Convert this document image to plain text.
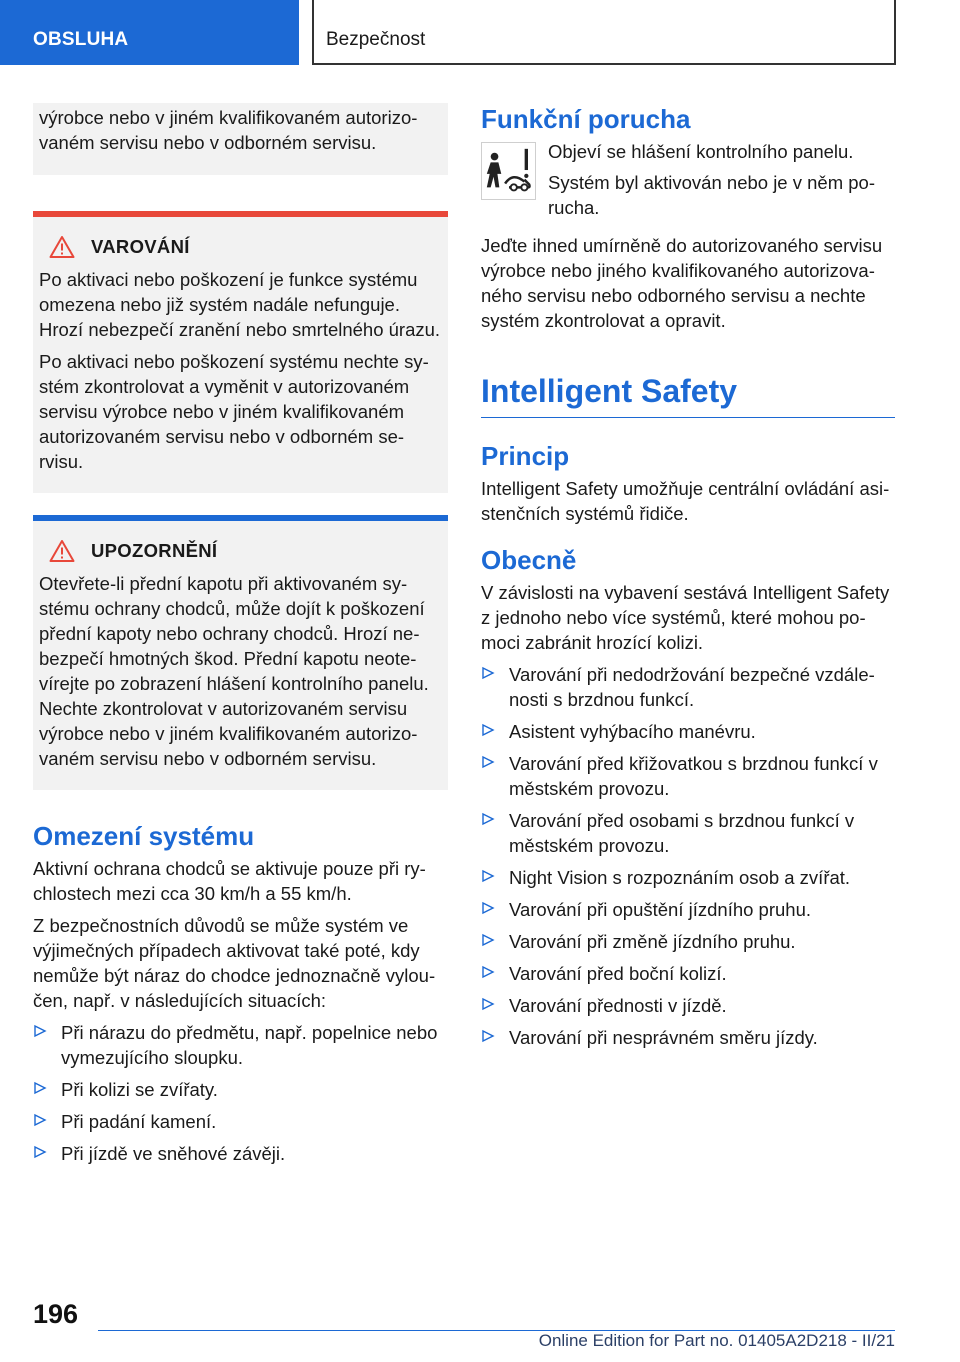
OBSLUHA	Bezpečnost

výrobce nebo v jiném kvalifikovaném autorizovaném servisu nebo v odborném servisu.

VAROVÁNÍ

Po aktivaci nebo poškození je funkce systému omezena nebo již systém nadále nefunguje. Hrozí nebezpečí zranění nebo smrtelného úrazu.

Po aktivaci nebo poškození systému nechte systém zkontrolovat a vyměnit v autorizovaném servisu výrobce nebo v jiném kvalifikovaném autorizovaném servisu nebo v odborném servisu.

UPOZORNĚNÍ

Otevřete-li přední kapotu při aktivovaném systému ochrany chodců, může dojít k poškození přední kapoty nebo ochrany chodců. Hrozí nebezpečí hmotných škod. Přední kapotu neotevírejte po zobrazení hlášení kontrolního panelu. Nechte zkontrolovat v autorizovaném servisu výrobce nebo v jiném kvalifikovaném autorizovaném servisu nebo v odborném servisu.

Omezení systému

Aktivní ochrana chodců se aktivuje pouze při rychlostech mezi cca 30 km/h a 55 km/h.

Z bezpečnostních důvodů se může systém ve výjimečných případech aktivovat také poté, kdy nemůže být náraz do chodce jednoznačně vyloučen, např. v následujících situacích:

Při nárazu do předmětu, např. popelnice nebo vymezujícího sloupku.
Při kolizi se zvířaty.
Při padání kamení.
Při jízdě ve sněhové závěji.
Funkční porucha

Objeví se hlášení kontrolního panelu.

Systém byl aktivován nebo je v něm porucha.

Jeďte ihned umírněně do autorizovaného servisu výrobce nebo jiného kvalifikovaného autorizovaného servisu nebo odborného servisu a nechte systém zkontrolovat a opravit.

Intelligent Safety
Princip

Intelligent Safety umožňuje centrální ovládání asistenčních systémů řidiče.

Obecně

V závislosti na vybavení sestává Intelligent Safety z jednoho nebo více systémů, které mohou pomoci zabránit hrozící kolizi.

Varování při nedodržování bezpečné vzdálenosti s brzdnou funkcí.
Asistent vyhýbacího manévru.
Varování před křižovatkou s brzdnou funkcí v městském provozu.
Varování před osobami s brzdnou funkcí v městském provozu.
Night Vision s rozpoznáním osob a zvířat.
Varování při opuštění jízdního pruhu.
Varování při změně jízdního pruhu.
Varování před boční kolizí.
Varování přednosti v jízdě.
Varování při nesprávném směru jízdy.
196
Online Edition for Part no. 01405A2D218 - II/21
